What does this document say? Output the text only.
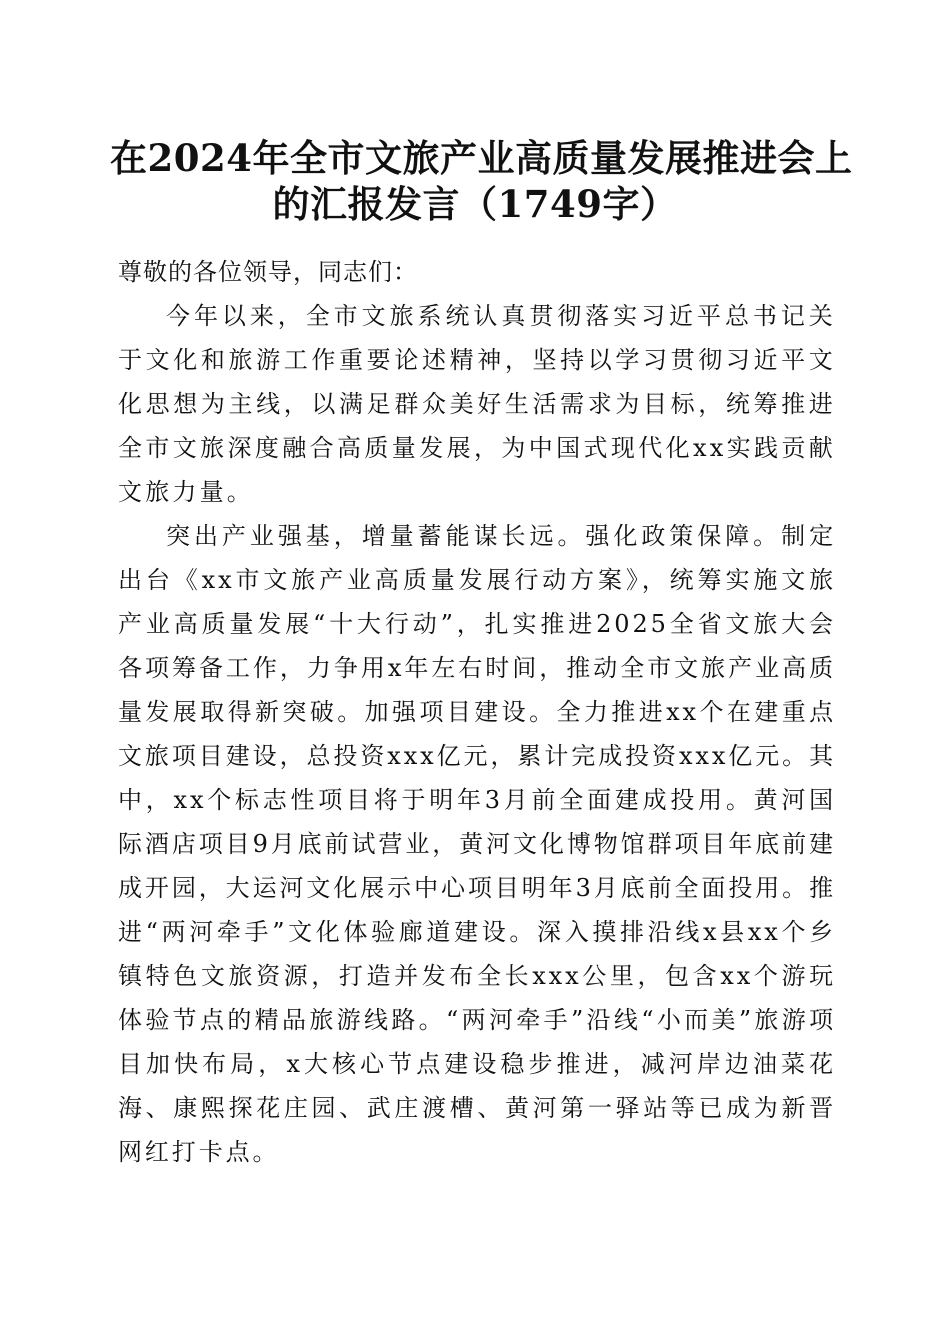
在2024年全市文旅产业高质量发展推进会上
的汇报发言（1749字）

尊敬的各位领导，同志们：

今年以来，全市文旅系统认真贯彻落实习近平总书记关于文化和旅游工作重要论述精神，坚持以学习贯彻习近平文化思想为主线，以满足群众美好生活需求为目标，统筹推进全市文旅深度融合高质量发展，为中国式现代化xx实践贡献文旅力量。

突出产业强基，增量蓄能谋长远。强化政策保障。制定出台《xx市文旅产业高质量发展行动方案》，统筹实施文旅产业高质量发展“十大行动”，扎实推进2025全省文旅大会各项筹备工作，力争用x年左右时间，推动全市文旅产业高质量发展取得新突破。加强项目建设。全力推进xx个在建重点文旅项目建设，总投资xxx亿元，累计完成投资xxx亿元。其中，xx个标志性项目将于明年3月前全面建成投用。黄河国际酒店项目9月底前试营业，黄河文化博物馆群项目年底前建成开园，大运河文化展示中心项目明年3月底前全面投用。推进“两河牵手”文化体验廊道建设。深入摸排沿线x县xx个乡镇特色文旅资源，打造并发布全长xxx公里，包含xx个游玩体验节点的精品旅游线路。“两河牵手”沿线“小而美”旅游项目加快布局，x大核心节点建设稳步推进，减河岸边油菜花海、康熙探花庄园、武庄渡槽、黄河第一驿站等已成为新晋网红打卡点。
